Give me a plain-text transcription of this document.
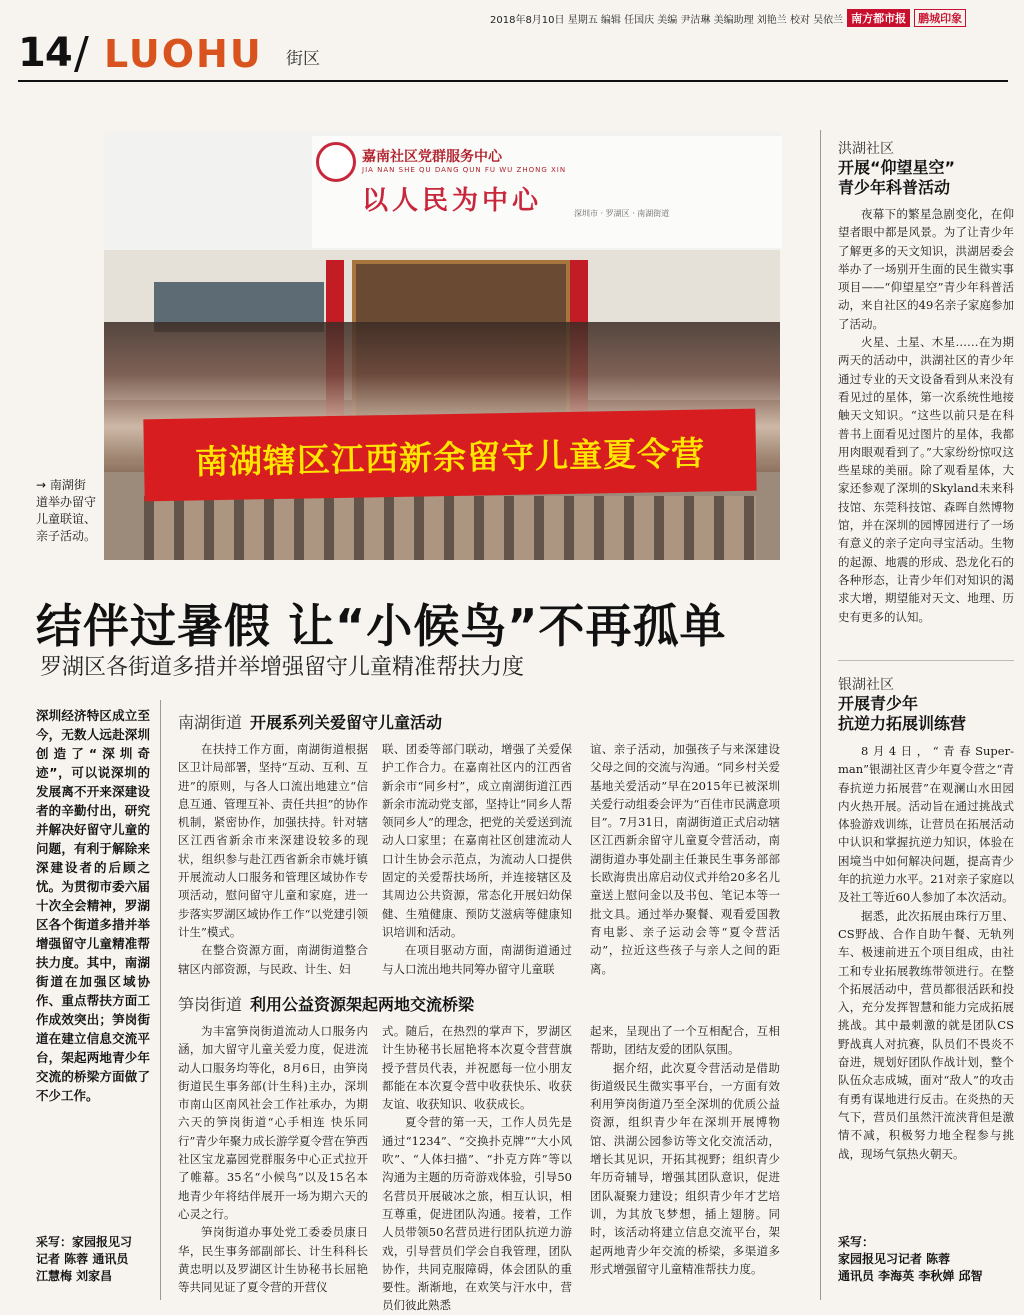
2018年8月10日 星期五 编辑 任国庆 美编 尹洁琳 美编助理 刘艳兰 校对 吴依兰 南方都市报	鹏城印象
14 / LUOHU 街区
嘉南社区党群服务中心
JIA NAN SHE QU DANG QUN FU WU ZHONG XIN
以人民为中心	深圳市 · 罗湖区 · 南湖街道
南湖辖区江西新余留守儿童夏令营
→ 南湖街道举办留守儿童联谊、亲子活动。
结伴过暑假 让“小候鸟”不再孤单
罗湖区各街道多措并举增强留守儿童精准帮扶力度
深圳经济特区成立至今，无数人远赴深圳创造了“深圳奇迹”，可以说深圳的发展离不开来深建设者的辛勤付出，研究并解决好留守儿童的问题，有利于解除来深建设者的后顾之忧。为贯彻市委六届十次全会精神，罗湖区各个街道多措并举增强留守儿童精准帮扶力度。其中，南湖街道在加强区域协作、重点帮扶方面工作成效突出；笋岗街道在建立信息交流平台，架起两地青少年交流的桥梁方面做了不少工作。
采写：家园报见习
记者 陈蓉 通讯员
江慧梅 刘家昌
南湖街道 开展系列关爱留守儿童活动

在扶持工作方面，南湖街道根据区卫计局部署，坚持“互动、互利、互进”的原则，与各人口流出地建立“信息互通、管理互补、责任共担”的协作机制，紧密协作，加强扶持。针对辖区江西省新余市来深建设较多的现状，组织参与赴江西省新余市姚圩镇开展流动人口服务和管理区域协作专项活动，慰问留守儿童和家庭，进一步落实罗湖区域协作工作“以党建引领计生”模式。

在整合资源方面，南湖街道整合辖区内部资源，与民政、计生、妇

联、团委等部门联动，增强了关爱保护工作合力。在嘉南社区内的江西省新余市“同乡村”，成立南湖街道江西新余市流动党支部，坚持让“同乡人帮领同乡人”的理念，把党的关爱送到流动人口家里；在嘉南社区创建流动人口计生协会示范点，为流动人口提供固定的关爱帮扶场所，并连接辖区及其周边公共资源，常态化开展妇幼保健、生殖健康、预防艾滋病等健康知识培训和活动。

在项目驱动方面，南湖街道通过与人口流出地共同筹办留守儿童联

谊、亲子活动，加强孩子与来深建设父母之间的交流与沟通。“同乡村关爱基地关爱活动”早在2015年已被深圳关爱行动组委会评为“百佳市民满意项目”。7月31日，南湖街道正式启动辖区江西新余留守儿童夏令营活动，南湖街道办事处副主任兼民生事务部部长欧海贵出席启动仪式并给20多名儿童送上慰问金以及书包、笔记本等一批文具。通过举办聚餐、观看爱国教育电影、亲子运动会等“夏令营活动”，拉近这些孩子与亲人之间的距离。

笋岗街道 利用公益资源架起两地交流桥梁

为丰富笋岗街道流动人口服务内涵，加大留守儿童关爱力度，促进流动人口服务均等化，8月6日，由笋岗街道民生事务部(计生科)主办，深圳市南山区南风社会工作社承办，为期六天的笋岗街道“心手相连 快乐同行”青少年聚力成长游学夏令营在笋西社区宝龙嘉园党群服务中心正式拉开了帷幕。35名“小候鸟”以及15名本地青少年将结伴展开一场为期六天的心灵之行。

笋岗街道办事处党工委委员康日华，民生事务部副部长、计生科科长黄忠明以及罗湖区计生协秘书长屈艳等共同见证了夏令营的开营仪

式。随后，在热烈的掌声下，罗湖区计生协秘书长屈艳将本次夏令营营旗授予营员代表，并祝愿每一位小朋友都能在本次夏令营中收获快乐、收获友谊、收获知识、收获成长。

夏令营的第一天，工作人员先是通过“1234”、“交换扑克牌”“大小风吹”、“人体扫描”、“扑克方阵”等以沟通为主题的历奇游戏体验，引导50名营员开展破冰之旅，相互认识，相互尊重，促进团队沟通。接着，工作人员带领50名营员进行团队抗逆力游戏，引导营员们学会自我管理，团队协作，共同克服障碍，体会团队的重要性。渐渐地，在欢笑与汗水中，营员们彼此熟悉

起来，呈现出了一个互相配合，互相帮助，团结友爱的团队氛围。

据介绍，此次夏令营活动是借助街道级民生微实事平台，一方面有效利用笋岗街道乃至全深圳的优质公益资源，组织青少年在深圳开展博物馆、洪湖公园参访等文化交流活动，增长其见识，开拓其视野；组织青少年历奇辅导，增强其团队意识，促进团队凝聚力建设；组织青少年才艺培训，为其放飞梦想，插上翅膀。同时，该活动将建立信息交流平台，架起两地青少年交流的桥梁，多渠道多形式增强留守儿童精准帮扶力度。

洪湖社区
开展“仰望星空”
青少年科普活动

夜幕下的繁星急剧变化，在仰望者眼中都是风景。为了让青少年了解更多的天文知识，洪湖居委会举办了一场别开生面的民生微实事项目——“仰望星空”青少年科普活动，来自社区的49名亲子家庭参加了活动。

火星、土星、木星……在为期两天的活动中，洪湖社区的青少年通过专业的天文设备看到从来没有看见过的星体，第一次系统性地接触天文知识。“这些以前只是在科普书上面看见过图片的星体，我都用肉眼观看到了。”大家纷纷惊叹这些星球的美丽。除了观看星体，大家还参观了深圳的Skyland未来科技馆、东莞科技馆、森晖自然博物馆，并在深圳的园博园进行了一场有意义的亲子定向寻宝活动。生物的起源、地震的形成、恐龙化石的各种形态，让青少年们对知识的渴求大增，期望能对天文、地理、历史有更多的认知。

银湖社区
开展青少年
抗逆力拓展训练营

8月4日，“青春Super-man”银湖社区青少年夏令营之“青春抗逆力拓展营”在观澜山水田园内火热开展。活动旨在通过挑战式体验游戏训练，让营员在拓展活动中认识和掌握抗逆力知识，体验在困境当中如何解决问题，提高青少年的抗逆力水平。21对亲子家庭以及社工等近60人参加了本次活动。

据悉，此次拓展由珠行万里、CS野战、合作自助午餐、无轨列车、极速前进五个项目组成，由社工和专业拓展教练带领进行。在整个拓展活动中，营员都很活跃和投入，充分发挥智慧和能力完成拓展挑战。其中最刺激的就是团队CS野战真人对抗赛，队员们不畏炎不奋进，规划好团队作战计划，整个队伍众志成城，面对“敌人”的攻击有勇有谋地进行反击。在炎热的天气下，营员们虽然汗流浃背但是激情不减，积极努力地全程参与挑战，现场气氛热火朝天。

采写：
家园报见习记者 陈蓉
通讯员 李海英 李秋婵 邱智
